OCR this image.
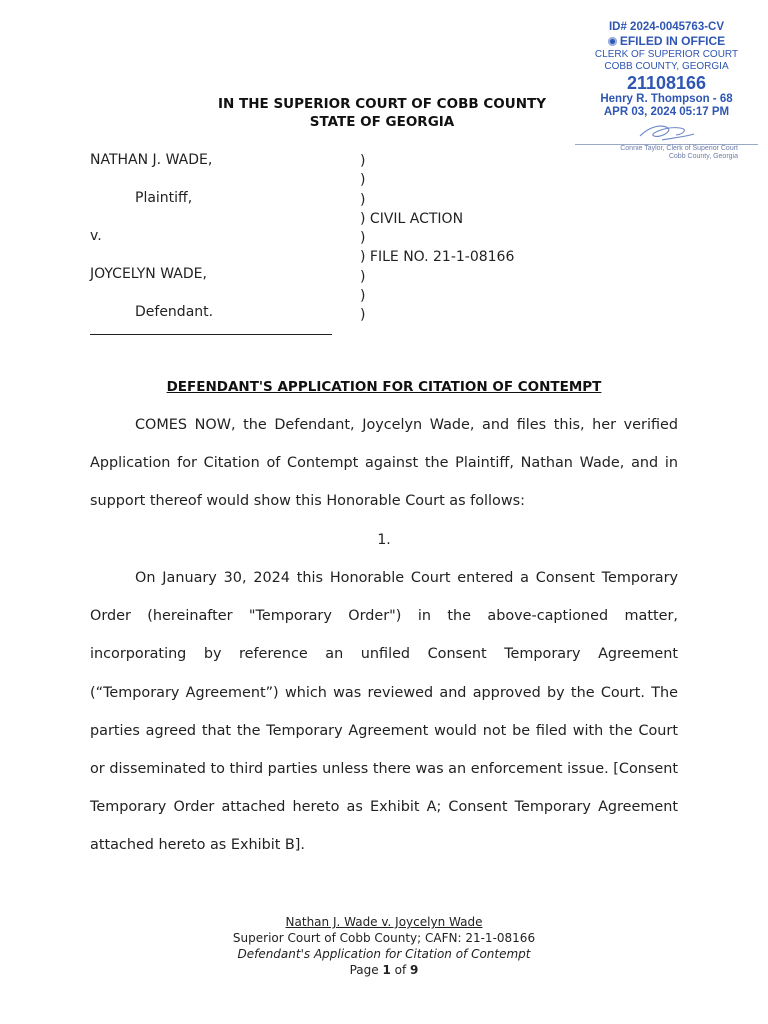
ID# 2024-0045763-CV
EFILED IN OFFICE
CLERK OF SUPERIOR COURT
COBB COUNTY, GEORGIA
21108166
Henry R. Thompson - 68
APR 03, 2024 05:17 PM
Connie Taylor, Clerk of Superior Court
Cobb County, Georgia
IN THE SUPERIOR COURT OF COBB COUNTY
STATE OF GEORGIA
NATHAN J. WADE,
Plaintiff,
v.
JOYCELYN WADE,
Defendant.
)
)
)
) CIVIL ACTION
)
) FILE NO. 21-1-08166
)
)
)
DEFENDANT'S APPLICATION FOR CITATION OF CONTEMPT
COMES NOW, the Defendant, Joycelyn Wade, and files this, her verified Application for Citation of Contempt against the Plaintiff, Nathan Wade, and in support thereof would show this Honorable Court as follows:
1.
On January 30, 2024 this Honorable Court entered a Consent Temporary Order (hereinafter "Temporary Order") in the above-captioned matter, incorporating by reference an unfiled Consent Temporary Agreement (“Temporary Agreement”) which was reviewed and approved by the Court. The parties agreed that the Temporary Agreement would not be filed with the Court or disseminated to third parties unless there was an enforcement issue. [Consent Temporary Order attached hereto as Exhibit A; Consent Temporary Agreement attached hereto as Exhibit B].
Nathan J. Wade v. Joycelyn Wade
Superior Court of Cobb County; CAFN: 21-1-08166
Defendant's Application for Citation of Contempt
Page 1 of 9
